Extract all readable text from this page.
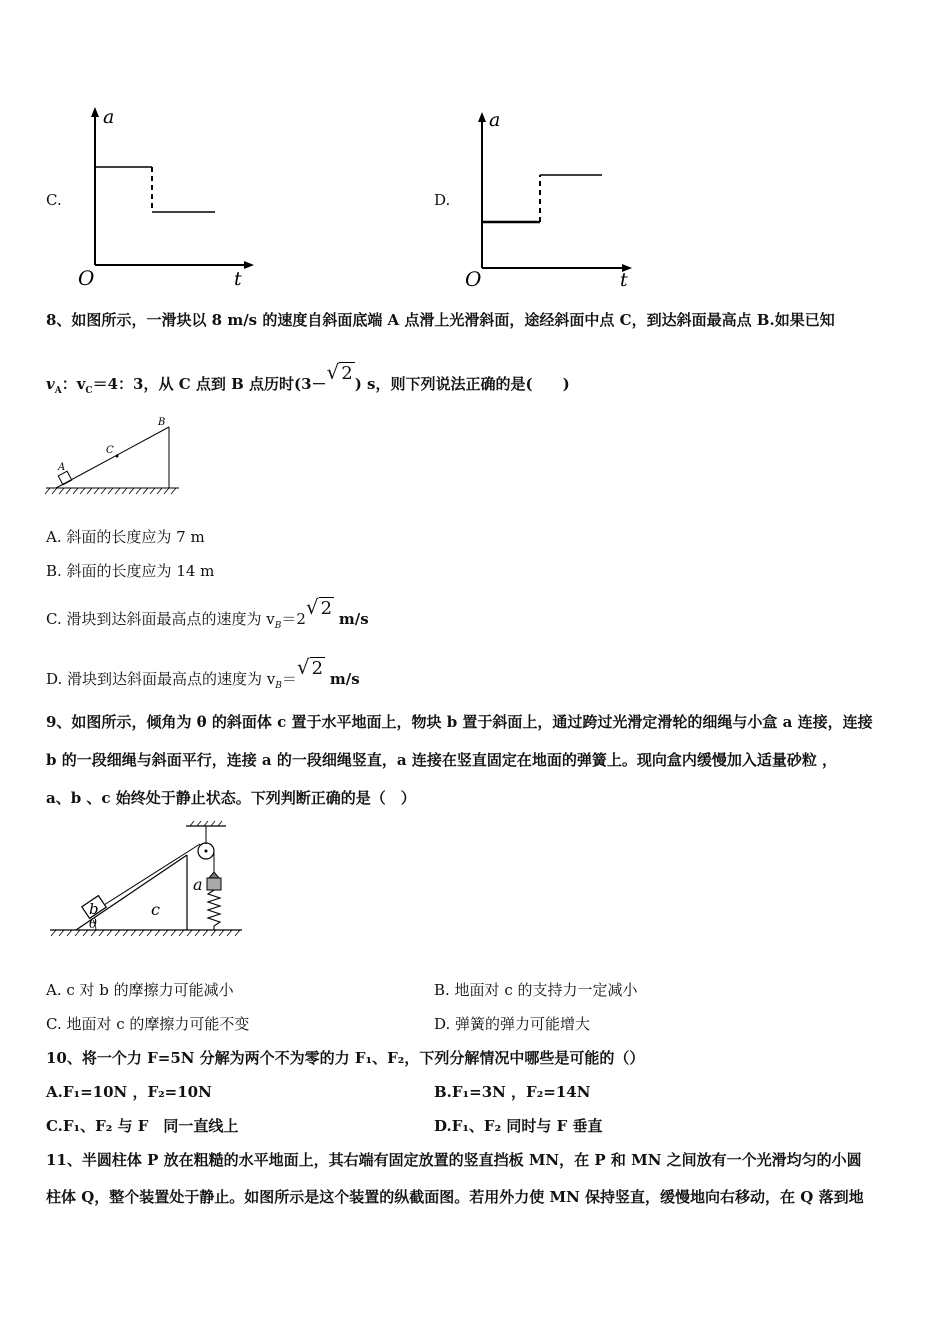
C.
a
O	t
D.
a
O	t
8、如图所示，一滑块以 8 m/s 的速度自斜面底端 A 点滑上光滑斜面，途经斜面中点 C，到达斜面最高点 B.如果已知
$v_A$：$v_C=4$：3，从 C 点到 B 点历时(3－√ 2 ) s，则下列说法正确的是(　　)
A
C
B
A. 斜面的长度应为 7 m
B. 斜面的长度应为 14 m
C. 滑块到达斜面最高点的速度为 $v_B=2√$ 2 m/s
D. 滑块到达斜面最高点的速度为 $v_B=√$ 2 m/s
9、如图所示，倾角为 θ 的斜面体 c 置于水平地面上，物块 b 置于斜面上，通过跨过光滑定滑轮的细绳与小盒 a 连接，连接
b 的一段细绳与斜面平行，连接 a 的一段细绳竖直，a 连接在竖直固定在地面的弹簧上。现向盒内缓慢加入适量砂粒 ，
a、b 、c 始终处于静止状态。下列判断正确的是（　）
a
b	c
θ
A. c 对 b 的摩擦力可能减小	B. 地面对 c 的支持力一定减小
C. 地面对 c 的摩擦力可能不变	D. 弹簧的弹力可能增大
10、将一个力 F=5N 分解为两个不为零的力 F₁、F₂，下列分解情况中哪些是可能的（）
A.F₁=10N ，F₂=10N	B.F₁=3N ，F₂=14N
C.F₁、F₂ 与 F　同一直线上	D.F₁、F₂ 同时与 F 垂直
11、半圆柱体 P 放在粗糙的水平地面上，其右端有固定放置的竖直挡板 MN，在 P 和 MN 之间放有一个光滑均匀的小圆
柱体 Q，整个装置处于静止。如图所示是这个装置的纵截面图。若用外力使 MN 保持竖直，缓慢地向右移动，在 Q 落到地
